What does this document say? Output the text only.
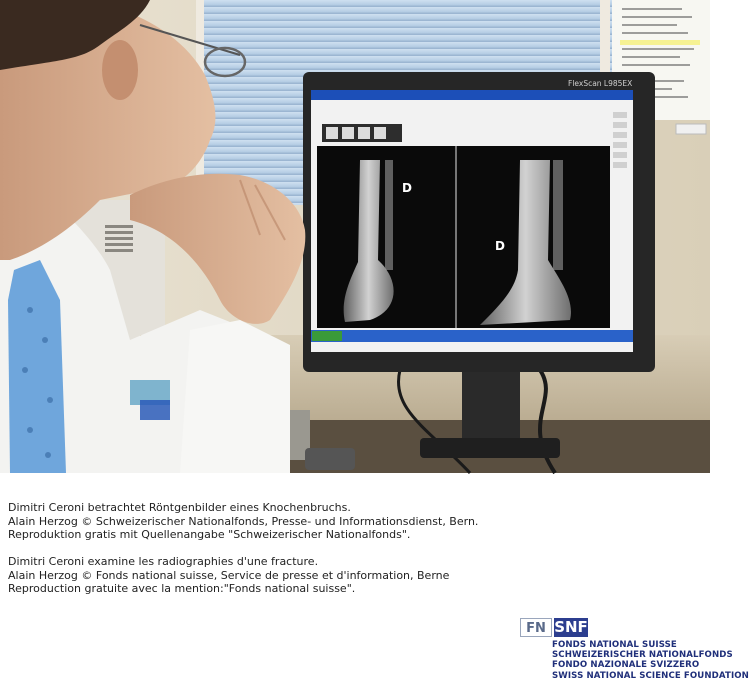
D
D
FlexScan L985EX
Dimitri Ceroni betrachtet Röntgenbilder eines Knochenbruchs.
Alain Herzog © Schweizerischer Nationalfonds, Presse- und Informationsdienst, Bern.
Reproduktion gratis mit Quellenangabe "Schweizerischer Nationalfonds".
Dimitri Ceroni examine les radiographies d'une fracture.
Alain Herzog © Fonds national suisse, Service de presse et d'information, Berne
Reproduction gratuite avec la mention:"Fonds national suisse".
FN SNF
FONDS NATIONAL SUISSE
SCHWEIZERISCHER NATIONALFONDS
FONDO NAZIONALE SVIZZERO
SWISS NATIONAL SCIENCE FOUNDATION
